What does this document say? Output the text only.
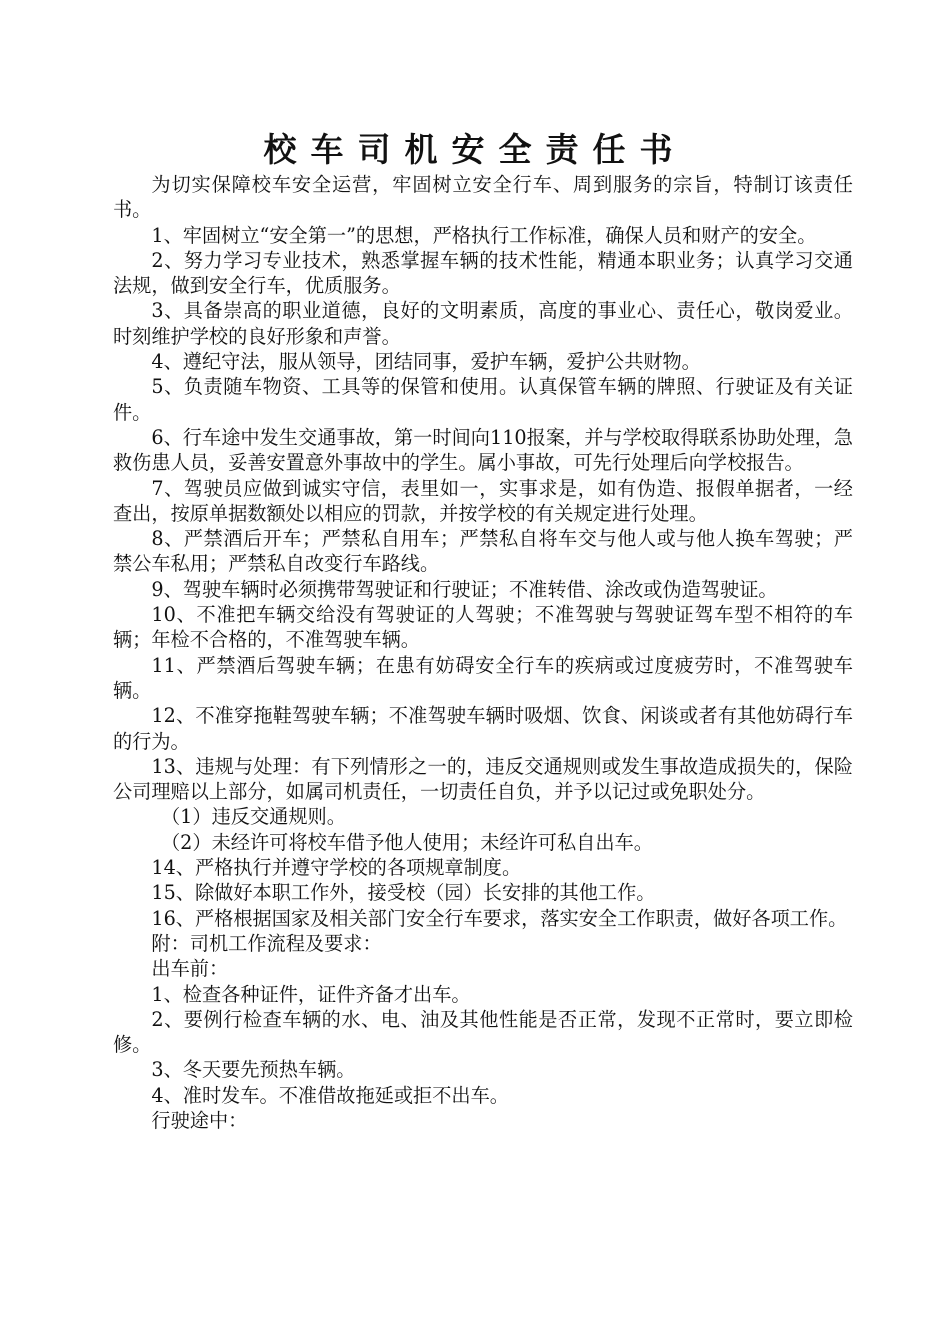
校车司机安全责任书

为切实保障校车安全运营，牢固树立安全行车、周到服务的宗旨，特制订该责任书。

1、牢固树立“安全第一”的思想，严格执行工作标准，确保人员和财产的安全。

2、努力学习专业技术，熟悉掌握车辆的技术性能，精通本职业务；认真学习交通法规，做到安全行车，优质服务。

3、具备崇高的职业道德，良好的文明素质，高度的事业心、责任心，敬岗爱业。时刻维护学校的良好形象和声誉。

4、遵纪守法，服从领导，团结同事，爱护车辆，爱护公共财物。

5、负责随车物资、工具等的保管和使用。认真保管车辆的牌照、行驶证及有关证件。

6、行车途中发生交通事故，第一时间向110报案，并与学校取得联系协助处理，急救伤患人员，妥善安置意外事故中的学生。属小事故，可先行处理后向学校报告。

7、驾驶员应做到诚实守信，表里如一，实事求是，如有伪造、报假单据者，一经查出，按原单据数额处以相应的罚款，并按学校的有关规定进行处理。

8、严禁酒后开车；严禁私自用车；严禁私自将车交与他人或与他人换车驾驶；严禁公车私用；严禁私自改变行车路线。

9、驾驶车辆时必须携带驾驶证和行驶证；不准转借、涂改或伪造驾驶证。

10、不准把车辆交给没有驾驶证的人驾驶；不准驾驶与驾驶证驾车型不相符的车辆；年检不合格的，不准驾驶车辆。

11、严禁酒后驾驶车辆；在患有妨碍安全行车的疾病或过度疲劳时，不准驾驶车辆。

12、不准穿拖鞋驾驶车辆；不准驾驶车辆时吸烟、饮食、闲谈或者有其他妨碍行车的行为。

13、违规与处理：有下列情形之一的，违反交通规则或发生事故造成损失的，保险公司理赔以上部分，如属司机责任，一切责任自负，并予以记过或免职处分。

（1）违反交通规则。

（2）未经许可将校车借予他人使用；未经许可私自出车。

14、严格执行并遵守学校的各项规章制度。

15、除做好本职工作外，接受校（园）长安排的其他工作。

16、严格根据国家及相关部门安全行车要求，落实安全工作职责，做好各项工作。

附：司机工作流程及要求：

出车前：

1、检查各种证件，证件齐备才出车。

2、要例行检查车辆的水、电、油及其他性能是否正常，发现不正常时，要立即检修。

3、冬天要先预热车辆。

4、准时发车。不准借故拖延或拒不出车。

行驶途中：
